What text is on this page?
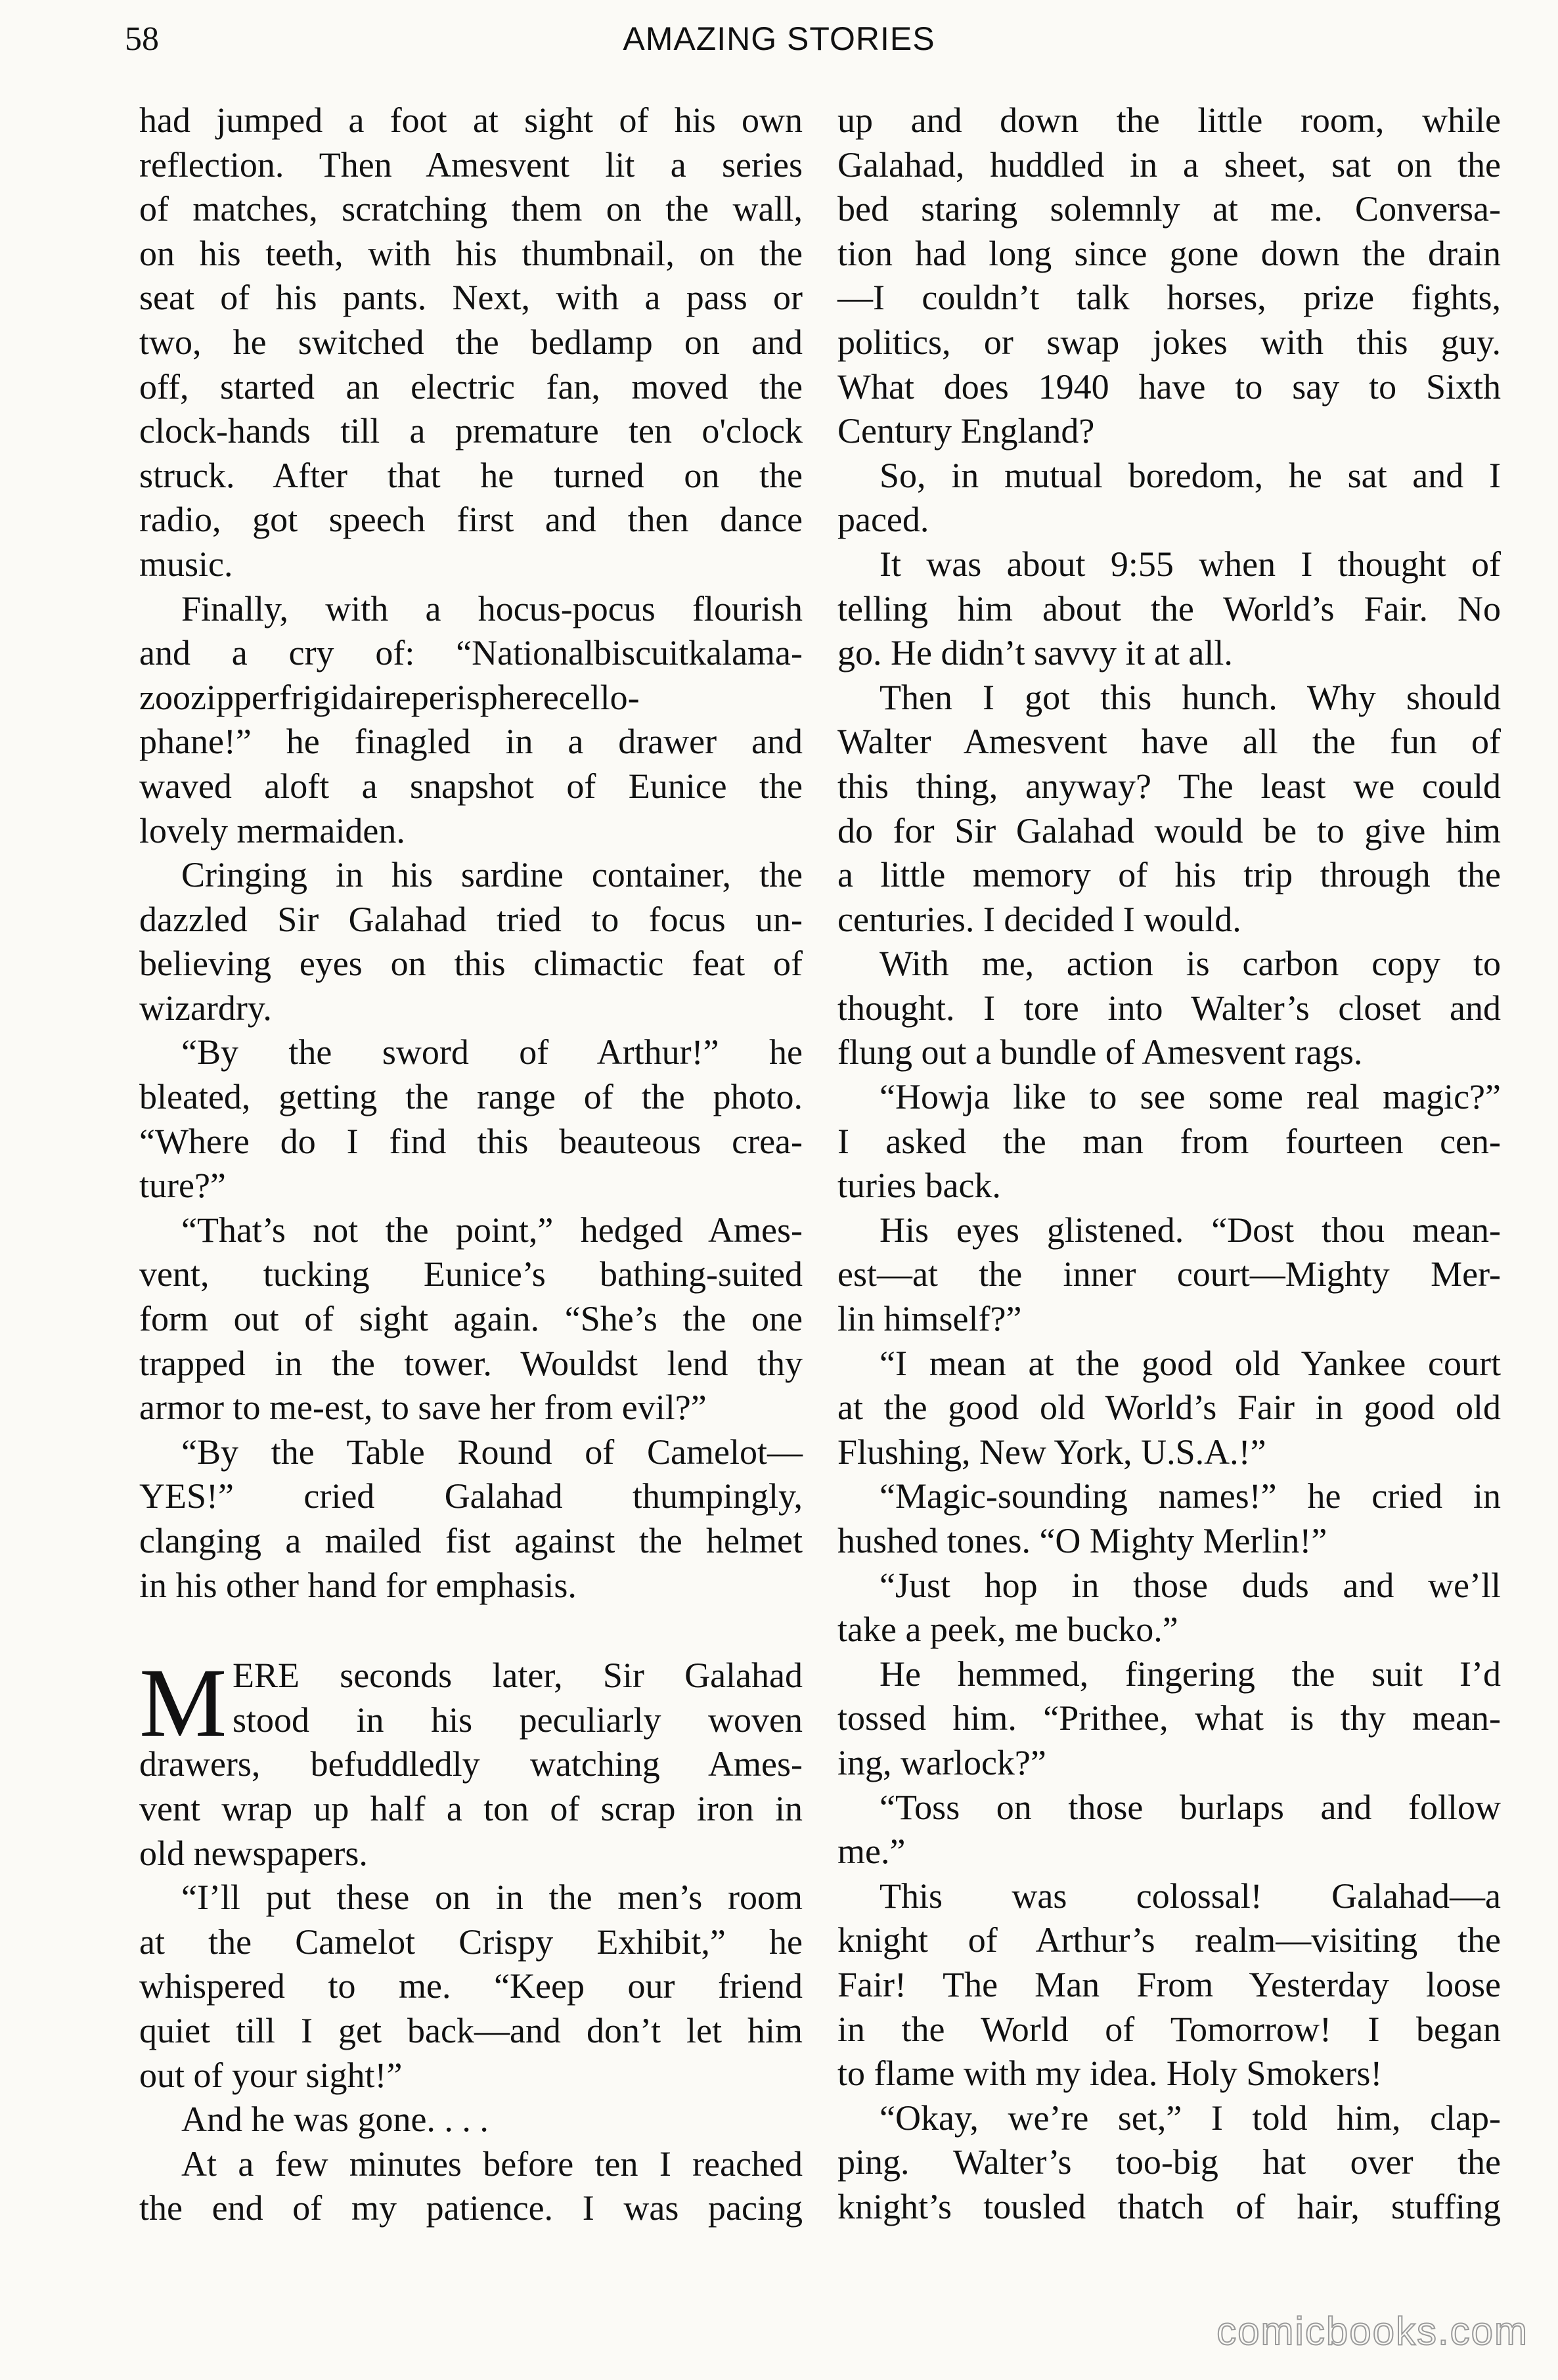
58	AMAZING STORIES
had jumped a foot at sight of his own
reflection. Then Amesvent lit a series
of matches, scratching them on the wall,
on his teeth, with his thumbnail, on the
seat of his pants. Next, with a pass or
two, he switched the bedlamp on and
off, started an electric fan, moved the
clock-hands till a premature ten o'clock
struck. After that he turned on the
radio, got speech first and then dance
music.
Finally, with a hocus-pocus flourish
and a cry of: “Nationalbiscuitkalama-
zoozipperfrigidaireperispherecello-
phane!” he finagled in a drawer and
waved aloft a snapshot of Eunice the
lovely mermaiden.
Cringing in his sardine container, the
dazzled Sir Galahad tried to focus un-
believing eyes on this climactic feat of
wizardry.
“By the sword of Arthur!” he
bleated, getting the range of the photo.
“Where do I find this beauteous crea-
ture?”
“That’s not the point,” hedged Ames-
vent, tucking Eunice’s bathing-suited
form out of sight again. “She’s the one
trapped in the tower. Wouldst lend thy
armor to me-est, to save her from evil?”
“By the Table Round of Camelot—
YES!” cried Galahad thumpingly,
clanging a mailed fist against the helmet
in his other hand for emphasis.
M ERE seconds later, Sir Galahad
stood in his peculiarly woven
drawers, befuddledly watching Ames-
vent wrap up half a ton of scrap iron in
old newspapers.
“I’ll put these on in the men’s room
at the Camelot Crispy Exhibit,” he
whispered to me. “Keep our friend
quiet till I get back—and don’t let him
out of your sight!”
And he was gone. . . .
At a few minutes before ten I reached
the end of my patience. I was pacing
up and down the little room, while
Galahad, huddled in a sheet, sat on the
bed staring solemnly at me. Conversa-
tion had long since gone down the drain
—I couldn’t talk horses, prize fights,
politics, or swap jokes with this guy.
What does 1940 have to say to Sixth
Century England?
So, in mutual boredom, he sat and I
paced.
It was about 9:55 when I thought of
telling him about the World’s Fair. No
go. He didn’t savvy it at all.
Then I got this hunch. Why should
Walter Amesvent have all the fun of
this thing, anyway? The least we could
do for Sir Galahad would be to give him
a little memory of his trip through the
centuries. I decided I would.
With me, action is carbon copy to
thought. I tore into Walter’s closet and
flung out a bundle of Amesvent rags.
“Howja like to see some real magic?”
I asked the man from fourteen cen-
turies back.
His eyes glistened. “Dost thou mean-
est—at the inner court—Mighty Mer-
lin himself?”
“I mean at the good old Yankee court
at the good old World’s Fair in good old
Flushing, New York, U.S.A.!”
“Magic-sounding names!” he cried in
hushed tones. “O Mighty Merlin!”
“Just hop in those duds and we’ll
take a peek, me bucko.”
He hemmed, fingering the suit I’d
tossed him. “Prithee, what is thy mean-
ing, warlock?”
“Toss on those burlaps and follow
me.”
This was colossal! Galahad—a
knight of Arthur’s realm—visiting the
Fair! The Man From Yesterday loose
in the World of Tomorrow! I began
to flame with my idea. Holy Smokers!
“Okay, we’re set,” I told him, clap-
ping. Walter’s too-big hat over the
knight’s tousled thatch of hair, stuffing
comicbooks.com
